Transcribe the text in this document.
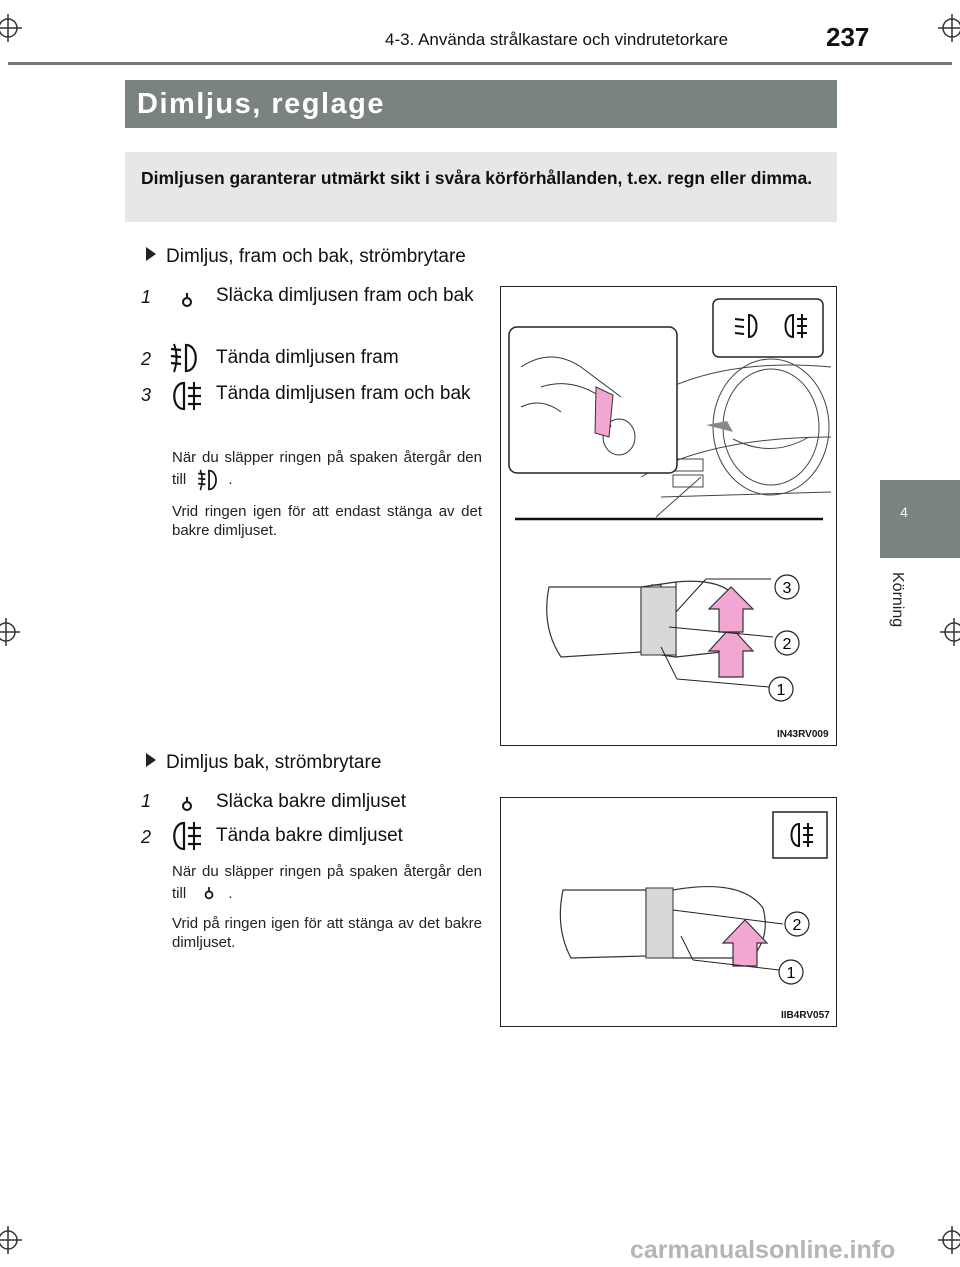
4-3. Använda strålkastare och vindrutetorkare	237
4
Körning
Dimljus, reglage

Dimljusen garanterar utmärkt sikt i svåra körförhållanden, t.ex. regn eller dimma.

Dimljus, fram och bak, strömbrytare
1	Släcka dimljusen fram och bak
2	Tända dimljusen fram
3	Tända dimljusen fram och bak
När du släpper ringen på spaken återgår den till	.
Vrid ringen igen för att endast stänga av det bakre dimljuset.
3
2
1
IN43RV009
Dimljus bak, strömbrytare
1	Släcka bakre dimljuset
2	Tända bakre dimljuset
När du släpper ringen på spaken återgår den till	.
Vrid på ringen igen för att stänga av det bakre dimljuset.
2
1
IIB4RV057
carmanualsonline.info
